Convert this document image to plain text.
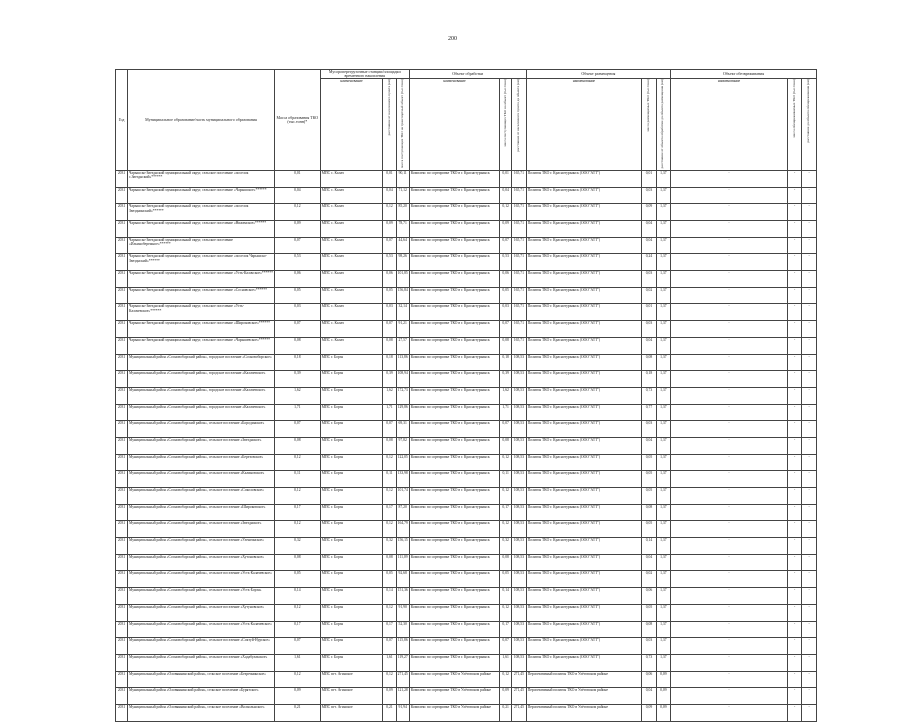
200
Год	Муниципальное образование/часть муниципального образования	Масса образования ТКО (тыс.тонн)*	Мусороперегрузочные станции/площадки временного накопления			Объект обработки			Объект размещения			Объект обезвреживания		
			наименование	расстояние от населенного пункта (км)	масса поступающих ТКО на транспортный объект (тыс.тонн)	наименование	масса поступающих ТКО на объект (тыс.тонн)	расстояние от населенного пункта до объекта (км)	наименование	масса размещаемых ТКО (тыс.тонн)	расстояние от объекта обработки до объекта размещения (км)	наименование	масса обезвреживаемых ТКО (тыс.тонн)	расстояние до объекта обезвреживания (км)
2031	Чарышско-Звезднский муниципальный округ, сельское поселение «поселок с.Звезднский»******	0,01	МПС с. Калач	0,01	90,11	Комплекс по сортировке ТКО в г. Краснотурьинск	0,01	165,71	Полигон ТКО г. Краснотурьинск (ООО"АТТ")	0,01	1,37	-	-	-
2031	Чарышско-Звезднский муниципальный округ, сельское поселение «Чарышское»******	0,04	МПС с. Калач	0,04	71,12	Комплекс по сортировке ТКО в г. Краснотурьинск	0,04	165,71	Полигон ТКО г. Краснотурьинск (ООО"АТТ")	0,03	1,37	-	-	-
2031	Чарышско-Звезднский муниципальный округ, сельское поселение «поселок Звезднинский»******	0,12	МПС с. Калач	0,12	85,20	Комплекс по сортировке ТКО в г. Краснотурьинск	0,12	165,71	Полигон ТКО г. Краснотурьинск (ООО"АТТ")	0,09	1,37	-	-	-
2031	Чарышско-Звезднский муниципальный округ, сельское поселение «Ниженское»******	0,09	МПС с. Калач	0,09	78,71	Комплекс по сортировке ТКО в г. Краснотурьинск	0,09	165,71	Полигон ТКО г. Краснотурьинск (ООО"АТТ")	0,04	1,37	-	-	-
2031	Чарышско-Звезднский муниципальный округ, сельское поселение «Ильинобережное»******	0,07	МПС с. Калач	0,07	44,64	Комплекс по сортировке ТКО в г. Краснотурьинск	0,07	165,71	Полигон ТКО г. Краснотурьинск (ООО"АТТ")	0,04	1,37	-	-	-
2031	Чарышско-Звезднский муниципальный округ, сельское поселение «поселок Чарышско-Звезднский»******	0,53	МПС с. Калач	0,53	98,26	Комплекс по сортировке ТКО в г. Краснотурьинск	0,53	165,71	Полигон ТКО г. Краснотурьинск (ООО"АТТ")	0,24	1,37	-	-	-
2031	Чарышско-Звезднский муниципальный округ, сельское поселение «Усть-Калачское»******	0,06	МПС с. Калач	0,06	101,85	Комплекс по сортировке ТКО в г. Краснотурьинск	0,06	165,71	Полигон ТКО г. Краснотурьинск (ООО"АТТ")	0,03	1,37	-	-	-
2031	Чарышско-Звезднский муниципальный округ, сельское поселение «Сосновское»******	0,05	МПС с. Калач	0,05	156,84	Комплекс по сортировке ТКО в г. Краснотурьинск	0,05	165,71	Полигон ТКО г. Краснотурьинск (ООО"АТТ")	0,02	1,37	-	-	-
2031	Чарышско-Звезднский муниципальный округ, сельское поселение «Усть-Калачевское»******	0,03	МПС с. Калач	0,03	32,14	Комплекс по сортировке ТКО в г. Краснотурьинск	0,03	165,71	Полигон ТКО г. Краснотурьинск (ООО"АТТ")	0,01	1,37	-	-	-
2031	Чарышско-Звезднский муниципальный округ, сельское поселение «Широковское»******	0,07	МПС с. Калач	0,07	91,21	Комплекс по сортировке ТКО в г. Краснотурьинск	0,07	165,71	Полигон ТКО г. Краснотурьинск (ООО"АТТ")	0,03	1,37	-	-	-
2031	Чарышско-Звезднский муниципальный округ, сельское поселение «Чарышевское»******	0,08	МПС с. Калач	0,08	27,57	Комплекс по сортировке ТКО в г. Краснотурьинск	0,08	165,71	Полигон ТКО г. Краснотурьинск (ООО"АТТ")	0,04	1,37	-	-	-
2031	Муниципальный район «Сосновоборский район», городское поселение «Сосновоборское»	0,18	МПС г. Борзя	0,18	113,86	Комплекс по сортировке ТКО в г. Краснотурьинск	0,18	108,53	Полигон ТКО г. Краснотурьинск (ООО"АТТ")	0,08	1,37	-	-	-
2031	Муниципальный район «Сосновоборский район», городское поселение «Калачевское»	0,39	МПС г. Борзя	0,39	108,94	Комплекс по сортировке ТКО в г. Краснотурьинск	0,39	108,53	Полигон ТКО г. Краснотурьинск (ООО"АТТ")	0,18	1,37	-	-	-
2031	Муниципальный район «Сосновоборский район», городское поселение «Калачевское»	1,62	МПС г. Борзя	1,62	172,73	Комплекс по сортировке ТКО в г. Краснотурьинск	1,62	108,53	Полигон ТКО г. Краснотурьинск (ООО"АТТ")	0,73	1,37	-	-	-
2031	Муниципальный район «Сосновоборский район», городское поселение «Калачевское»	1,71	МПС г. Борзя	1,71	129,86	Комплекс по сортировке ТКО в г. Краснотурьинск	1,71	108,53	Полигон ТКО г. Краснотурьинск (ООО"АТТ")	0,77	1,37	-	-	-
2031	Муниципальный район «Сосновоборский район», сельское поселение «Бородинское»	0,07	МПС г. Борзя	0,07	69,31	Комплекс по сортировке ТКО в г. Краснотурьинск	0,07	108,53	Полигон ТКО г. Краснотурьинск (ООО"АТТ")	0,03	1,37	-	-	-
2031	Муниципальный район «Сосновоборский район», сельское поселение «Звезднское»	0,08	МПС г. Борзя	0,08	97,82	Комплекс по сортировке ТКО в г. Краснотурьинск	0,08	108,53	Полигон ТКО г. Краснотурьинск (ООО"АТТ")	0,04	1,37	-	-	-
2031	Муниципальный район «Сосновоборский район», сельское поселение «Березовское»	0,12	МПС г. Борзя	0,12	122,05	Комплекс по сортировке ТКО в г. Краснотурьинск	0,12	108,53	Полигон ТКО г. Краснотурьинск (ООО"АТТ")	0,05	1,37	-	-	-
2031	Муниципальный район «Сосновоборский район», сельское поселение «Калиновское»	0,11	МПС г. Борзя	0,11	133,98	Комплекс по сортировке ТКО в г. Краснотурьинск	0,11	108,53	Полигон ТКО г. Краснотурьинск (ООО"АТТ")	0,05	1,37	-	-	-
2031	Муниципальный район «Сосновоборский район», сельское поселение «Соколовское»	0,12	МПС г. Борзя	0,12	101,74	Комплекс по сортировке ТКО в г. Краснотурьинск	0,12	108,53	Полигон ТКО г. Краснотурьинск (ООО"АТТ")	0,05	1,37	-	-	-
2031	Муниципальный район «Сосновоборский район», сельское поселение «Широковское»	0,17	МПС г. Борзя	0,17	87,20	Комплекс по сортировке ТКО в г. Краснотурьинск	0,17	108,53	Полигон ТКО г. Краснотурьинск (ООО"АТТ")	0,08	1,37	-	-	-
2031	Муниципальный район «Сосновоборский район», сельское поселение «Звезднское»	0,12	МПС г. Борзя	0,12	164,79	Комплекс по сортировке ТКО в г. Краснотурьинск	0,12	108,53	Полигон ТКО г. Краснотурьинск (ООО"АТТ")	0,05	1,37	-	-	-
2031	Муниципальный район «Сосновоборский район», сельское поселение «Уленгинское»	0,32	МПС г. Борзя	0,32	156,15	Комплекс по сортировке ТКО в г. Краснотурьинск	0,32	108,53	Полигон ТКО г. Краснотурьинск (ООО"АТТ")	0,14	1,37	-	-	-
2031	Муниципальный район «Сосновоборский район», сельское поселение «Хутоновское»	0,08	МПС г. Борзя	0,08	111,09	Комплекс по сортировке ТКО в г. Краснотурьинск	0,08	108,53	Полигон ТКО г. Краснотурьинск (ООО"АТТ")	0,04	1,37	-	-	-
2031	Муниципальный район «Сосновоборский район», сельское поселение «Усть-Калачевское»	0,05	МПС г. Борзя	0,05	92,68	Комплекс по сортировке ТКО в г. Краснотурьинск	0,05	108,53	Полигон ТКО г. Краснотурьинск (ООО"АТТ")	0,02	1,37	-	-	-
2031	Муниципальный район «Сосновоборский район», сельское поселение «Усть-Борзя»	0,14	МПС г. Борзя	0,14	151,36	Комплекс по сортировке ТКО в г. Краснотурьинск	0,14	108,53	Полигон ТКО г. Краснотурьинск (ООО"АТТ")	0,06	1,37	-	-	-
2031	Муниципальный район «Сосновоборский район», сельское поселение «Хутуновское»	0,12	МПС г. Борзя	0,12	91,90	Комплекс по сортировке ТКО в г. Краснотурьинск	0,12	108,53	Полигон ТКО г. Краснотурьинск (ООО"АТТ")	0,05	1,37	-	-	-
2031	Муниципальный район «Сосновоборский район», сельское поселение «Усть-Калачевское»	0,17	МПС г. Борзя	0,17	52,30	Комплекс по сортировке ТКО в г. Краснотурьинск	0,17	108,53	Полигон ТКО г. Краснотурьинск (ООО"АТТ")	0,08	1,37	-	-	-
2031	Муниципальный район «Сосновоборский район», сельское поселение «Соктуй-Нурское»	0,07	МПС г. Борзя	0,07	115,86	Комплекс по сортировке ТКО в г. Краснотурьинск	0,07	108,53	Полигон ТКО г. Краснотурьинск (ООО"АТТ")	0,03	1,37	-	-	-
2031	Муниципальный район «Сосновоборский район», сельское поселение «Хадабулакское»	1,61	МПС г. Борзя	1,61	119,27	Комплекс по сортировке ТКО в г. Краснотурьинск	1,61	108,53	Полигон ТКО г. Краснотурьинск (ООО"АТТ")	0,73	1,37	-	-	-
2031	Муниципальный район «Оловяннинский район», сельское поселение «Безречнинское»	0,12	МПС пгт. Агинское	0,12	271,45	Комплекс по сортировке ТКО в Улётовском районе	0,12	271,45	Перспективный полигон ТКО в Улётовском районе	0,06	0,09	-	-	-
2031	Муниципальный район «Оловяннинский район», сельское поселение «Бурятское»	0,09	МПС пгт. Агинское	0,09	121,28	Комплекс по сортировке ТКО в Улётовском районе	0,09	271,45	Перспективный полигон ТКО в Улётовском районе	0,04	0,09	-	-	-
2031	Муниципальный район «Оловяннинский район», сельское поселение «Волкольнское»	0,21	МПС пгт. Агинское	0,21	91,94	Комплекс по сортировке ТКО в Улётовском районе	0,21	271,45	Перспективный полигон ТКО в Улётовском районе	0,09	0,09	-	-	-
